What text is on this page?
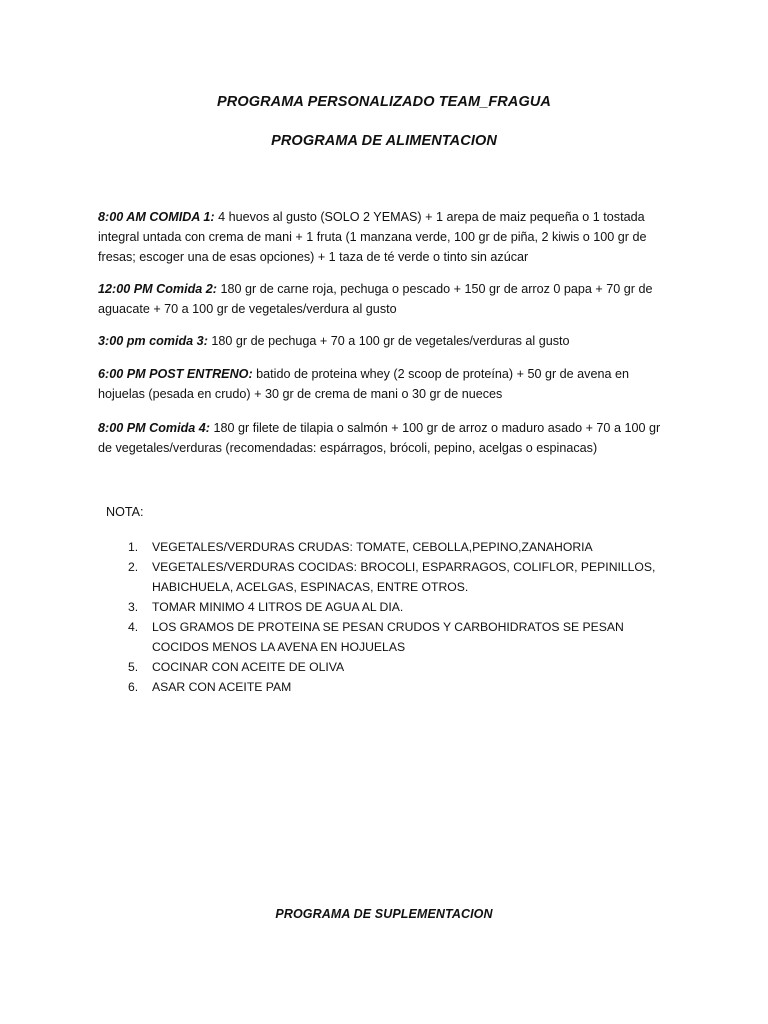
PROGRAMA PERSONALIZADO TEAM_FRAGUA
PROGRAMA DE ALIMENTACION
8:00 AM COMIDA 1: 4 huevos al gusto (SOLO 2 YEMAS) + 1 arepa de maiz pequeña o 1 tostada integral untada con crema de mani + 1 fruta (1 manzana verde, 100 gr de piña, 2 kiwis o 100 gr de fresas; escoger una de esas opciones) + 1 taza de té verde o tinto sin azúcar
12:00 PM Comida 2: 180 gr de carne roja, pechuga o pescado + 150 gr de arroz 0 papa + 70 gr de aguacate + 70 a 100 gr de vegetales/verdura al gusto
3:00 pm comida 3: 180 gr de pechuga + 70 a 100 gr de vegetales/verduras al gusto
6:00 PM POST ENTRENO: batido de proteina whey (2 scoop de proteína) + 50 gr de avena en hojuelas (pesada en crudo) + 30 gr de crema de mani o 30 gr de nueces
8:00 PM Comida 4: 180 gr filete de tilapia o salmón + 100 gr de arroz o maduro asado + 70 a 100 gr de vegetales/verduras (recomendadas: espárragos, brócoli, pepino, acelgas o espinacas)
NOTA:
1. VEGETALES/VERDURAS CRUDAS: TOMATE, CEBOLLA,PEPINO,ZANAHORIA
2. VEGETALES/VERDURAS COCIDAS: BROCOLI, ESPARRAGOS, COLIFLOR, PEPINILLOS, HABICHUELA, ACELGAS, ESPINACAS, ENTRE OTROS.
3. TOMAR MINIMO 4 LITROS DE AGUA AL DIA.
4. LOS GRAMOS DE PROTEINA SE PESAN CRUDOS Y CARBOHIDRATOS SE PESAN COCIDOS MENOS LA AVENA EN HOJUELAS
5. COCINAR CON ACEITE DE OLIVA
6. ASAR CON ACEITE PAM
PROGRAMA DE SUPLEMENTACION
